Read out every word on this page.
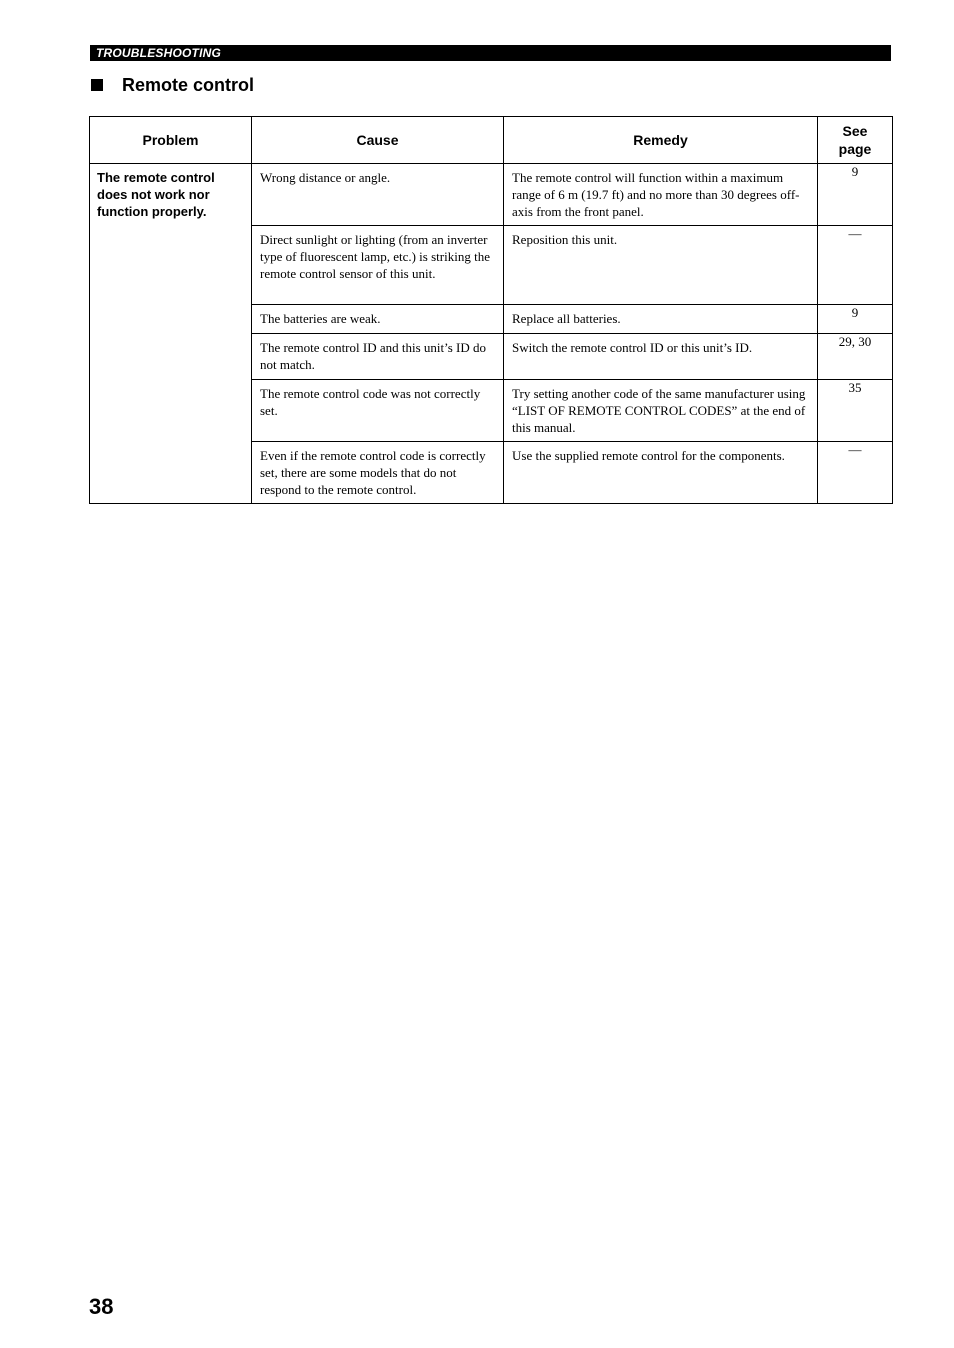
TROUBLESHOOTING
Remote control
Problem	Cause	Remedy	See
page
The remote control does not work nor function properly.	Wrong distance or angle.	The remote control will function within a maximum range of 6 m (19.7 ft) and no more than 30 degrees off-axis from the front panel.	9
	Direct sunlight or lighting (from an inverter type of fluorescent lamp, etc.) is striking the remote control sensor of this unit.	Reposition this unit.	—
	The batteries are weak.	Replace all batteries.	9
	The remote control ID and this unit’s ID do not match.	Switch the remote control ID or this unit’s ID.	29, 30
	The remote control code was not correctly set.	Try setting another code of the same manufacturer using “LIST OF REMOTE CONTROL CODES” at the end of this manual.	35
	Even if the remote control code is correctly set, there are some models that do not respond to the remote control.	Use the supplied remote control for the components.	—
38
